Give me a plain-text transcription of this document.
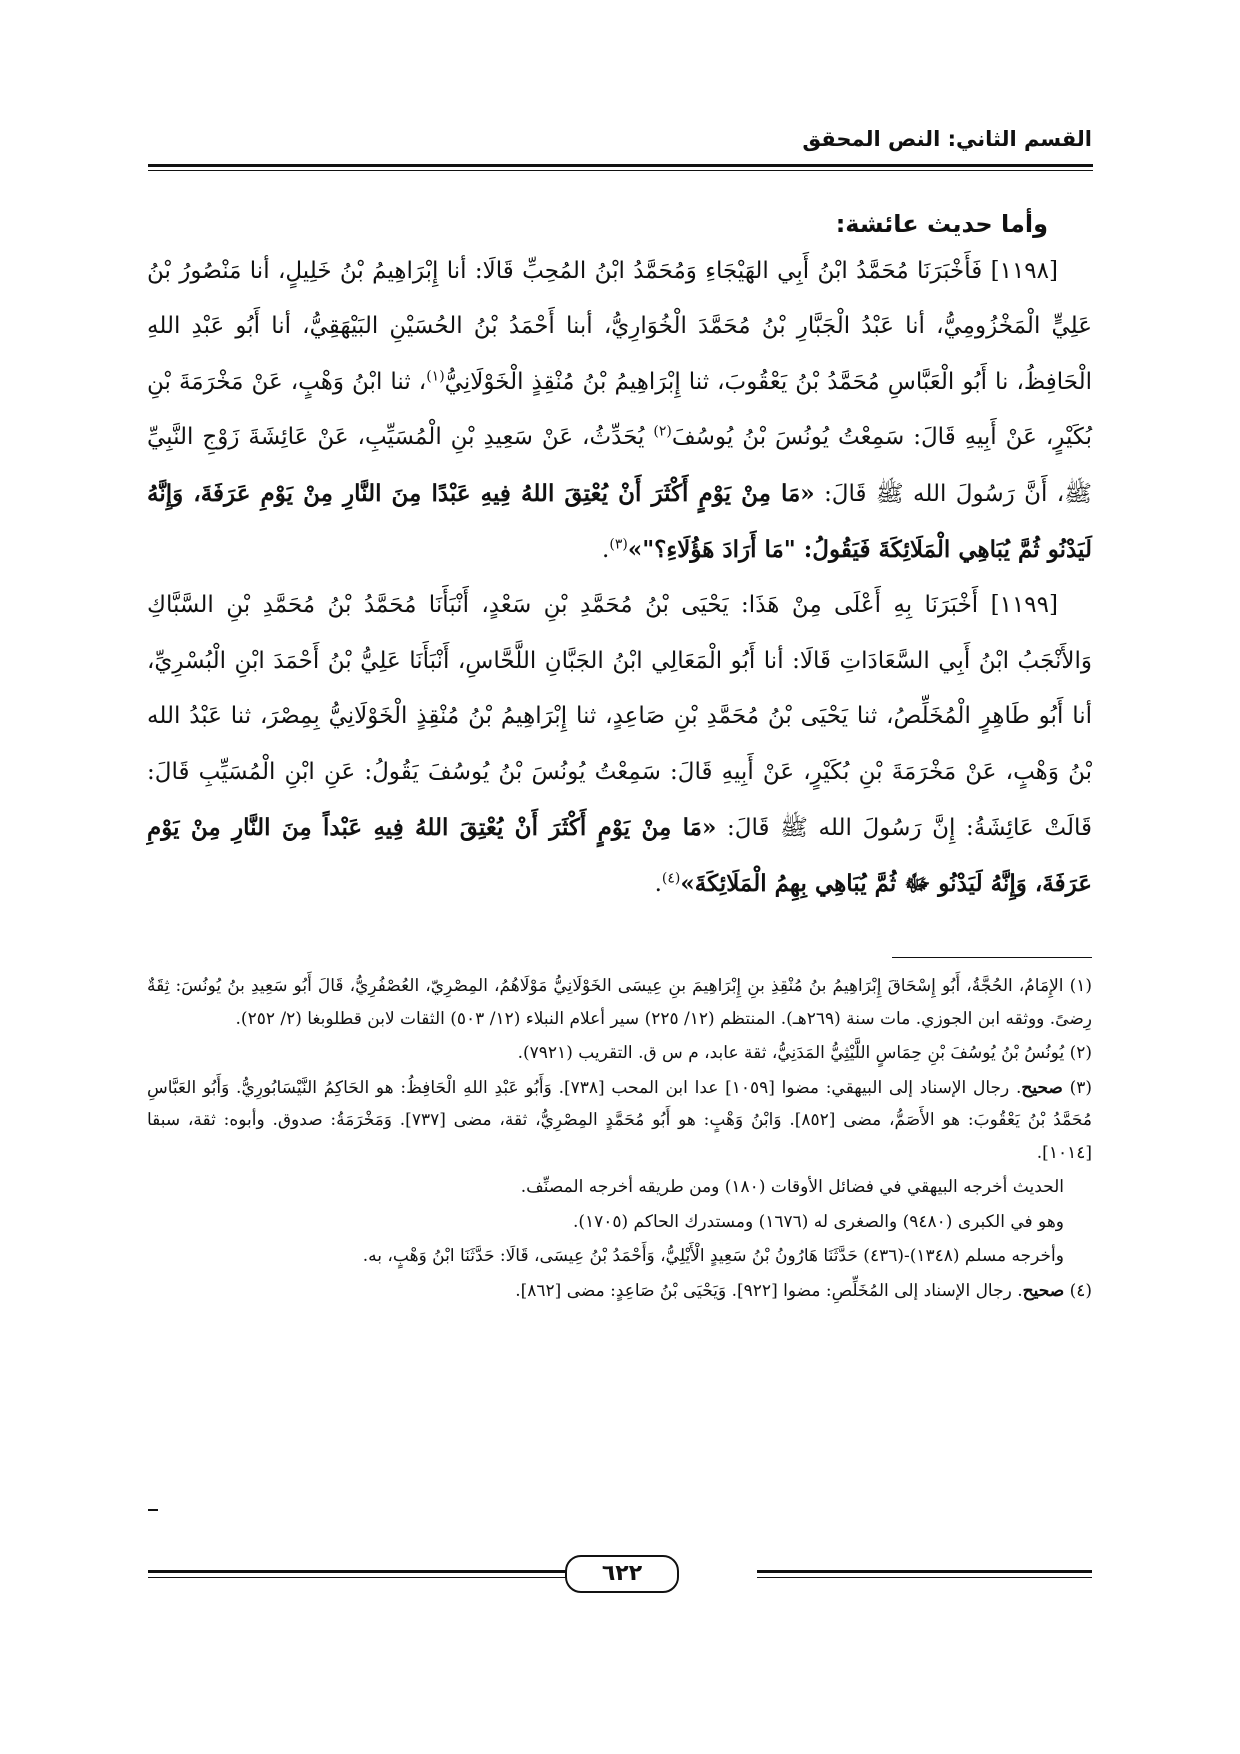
القسم الثاني: النص المحقق

وأما حديث عائشة:

[١١٩٨] فَأَخْبَرَنَا مُحَمَّدُ ابْنُ أَبِي الهَيْجَاءِ وَمُحَمَّدُ ابْنُ المُحِبِّ قَالَا: أنا إِبْرَاهِيمُ بْنُ خَلِيلٍ، أنا مَنْصُورُ بْنُ عَلِيٍّ الْمَخْزُومِيُّ، أنا عَبْدُ الْجَبَّارِ بْنُ مُحَمَّدَ الْخُوَارِيُّ، أبنا أَحْمَدُ بْنُ الحُسَيْنِ البَيْهَقِيُّ، أنا أَبُو عَبْدِ اللهِ الْحَافِظُ، نا أَبُو الْعَبَّاسِ مُحَمَّدُ بْنُ يَعْقُوبَ، ثنا إِبْرَاهِيمُ بْنُ مُنْقِذٍ الْخَوْلَانِيُّ$^{(١)}$، ثنا ابْنُ وَهْبٍ، عَنْ مَخْرَمَةَ بْنِ بُكَيْرٍ، عَنْ أَبِيهِ قَالَ: سَمِعْتُ يُونُسَ بْنُ يُوسُفَ$^{(٢)}$ يُحَدِّثُ، عَنْ سَعِيدِ بْنِ الْمُسَيِّبِ، عَنْ عَائِشَةَ زَوْجِ النَّبِيِّ ﷺ، أَنَّ رَسُولَ الله ﷺ قَالَ: «مَا مِنْ يَوْمٍ أَكْثَرَ أَنْ يُعْتِقَ اللهُ فِيهِ عَبْدًا مِنَ النَّارِ مِنْ يَوْمِ عَرَفَةَ، وَإِنَّهُ لَيَدْنُو ثُمَّ يُبَاهِي الْمَلَائِكَةَ فَيَقُولُ: "مَا أَرَادَ هَؤُلَاءِ؟"»$^{(٣)}$.

[١١٩٩] أَخْبَرَنَا بِهِ أَعْلَى مِنْ هَذَا: يَحْيَى بْنُ مُحَمَّدِ بْنِ سَعْدٍ، أَنْبَأَنَا مُحَمَّدُ بْنُ مُحَمَّدِ بْنِ السَّبَّاكِ وَالأَنْجَبُ ابْنُ أَبِي السَّعَادَاتِ قَالَا: أنا أَبُو الْمَعَالِي ابْنُ الجَبَّانِ اللَّحَّاسِ، أَنْبَأَنَا عَلِيُّ بْنُ أَحْمَدَ ابْنِ الْبُسْرِيِّ، أنا أَبُو طَاهِرٍ الْمُخَلِّصُ، ثنا يَحْيَى بْنُ مُحَمَّدِ بْنِ صَاعِدٍ، ثنا إِبْرَاهِيمُ بْنُ مُنْقِذٍ الْخَوْلَانِيُّ بِمِصْرَ، ثنا عَبْدُ الله بْنُ وَهْبٍ، عَنْ مَخْرَمَةَ بْنِ بُكَيْرٍ، عَنْ أَبِيهِ قَالَ: سَمِعْتُ يُونُسَ بْنُ يُوسُفَ يَقُولُ: عَنِ ابْنِ الْمُسَيِّبِ قَالَ: قَالَتْ عَائِشَةُ: إِنَّ رَسُولَ الله ﷺ قَالَ: «مَا مِنْ يَوْمٍ أَكْثَرَ أَنْ يُعْتِقَ اللهُ فِيهِ عَبْداً مِنَ النَّارِ مِنْ يَوْمِ عَرَفَةَ، وَإِنَّهُ لَيَدْنُو ﷻ ثُمَّ يُبَاهِي بِهِمُ الْمَلَائِكَةَ»$^{(٤)}$.

(١) الإِمَامُ، الحُجَّةُ، أَبُو إِسْحَاقَ إِبْرَاهِيمُ بنُ مُنْقِذِ بنِ إِبْرَاهِيمَ بنِ عِيسَى الخَوْلَانِيُّ مَوْلَاهُمُ، المِصْرِيّ، العُصْفُرِيُّ، قَالَ أَبُو سَعِيدِ بنُ يُونُسَ: ثِقَةٌ رِضىً. ووثقه ابن الجوزي. مات سنة (٢٦٩هـ). المنتظم (١٢/ ٢٢٥) سير أعلام النبلاء (١٢/ ٥٠٣) الثقات لابن قطلوبغا (٢/ ٢٥٢).

(٢) يُونُسُ بْنُ يُوسُفَ بْنِ حِمَاسٍ اللَّيْثِيُّ المَدَنِيُّ، ثقة عابد، م س ق. التقريب (٧٩٢١).

(٣) صحيح. رجال الإسناد إلى البيهقي: مضوا [١٠٥٩] عدا ابن المحب [٧٣٨]. وَأَبُو عَبْدِ اللهِ الْحَافِظُ: هو الحَاكِمُ النَّيْسَابُورِيُّ. وَأَبُو العَبَّاسِ مُحَمَّدُ بْنُ يَعْقُوبَ: هو الأَصَمُّ، مضى [٨٥٢]. وَابْنُ وَهْبٍ: هو أَبُو مُحَمَّدٍ المِصْرِيُّ، ثقة، مضى [٧٣٧]. وَمَخْرَمَةُ: صدوق. وأبوه: ثقة، سبقا [١٠١٤].

الحديث أخرجه البيهقي في فضائل الأوقات (١٨٠) ومن طريقه أخرجه المصنِّف.

وهو في الكبرى (٩٤٨٠) والصغرى له (١٦٧٦) ومستدرك الحاكم (١٧٠٥).

وأخرجه مسلم (١٣٤٨)-(٤٣٦) حَدَّثَنَا هَارُونُ بْنُ سَعِيدٍ الْأَيْلِيُّ، وَأَحْمَدُ بْنُ عِيسَى، قَالَا: حَدَّثَنَا ابْنُ وَهْبٍ، به.

(٤) صحيح. رجال الإسناد إلى المُخَلِّصِ: مضوا [٩٢٢]. وَيَحْيَى بْنُ صَاعِدٍ: مضى [٨٦٢].

٦٢٢
